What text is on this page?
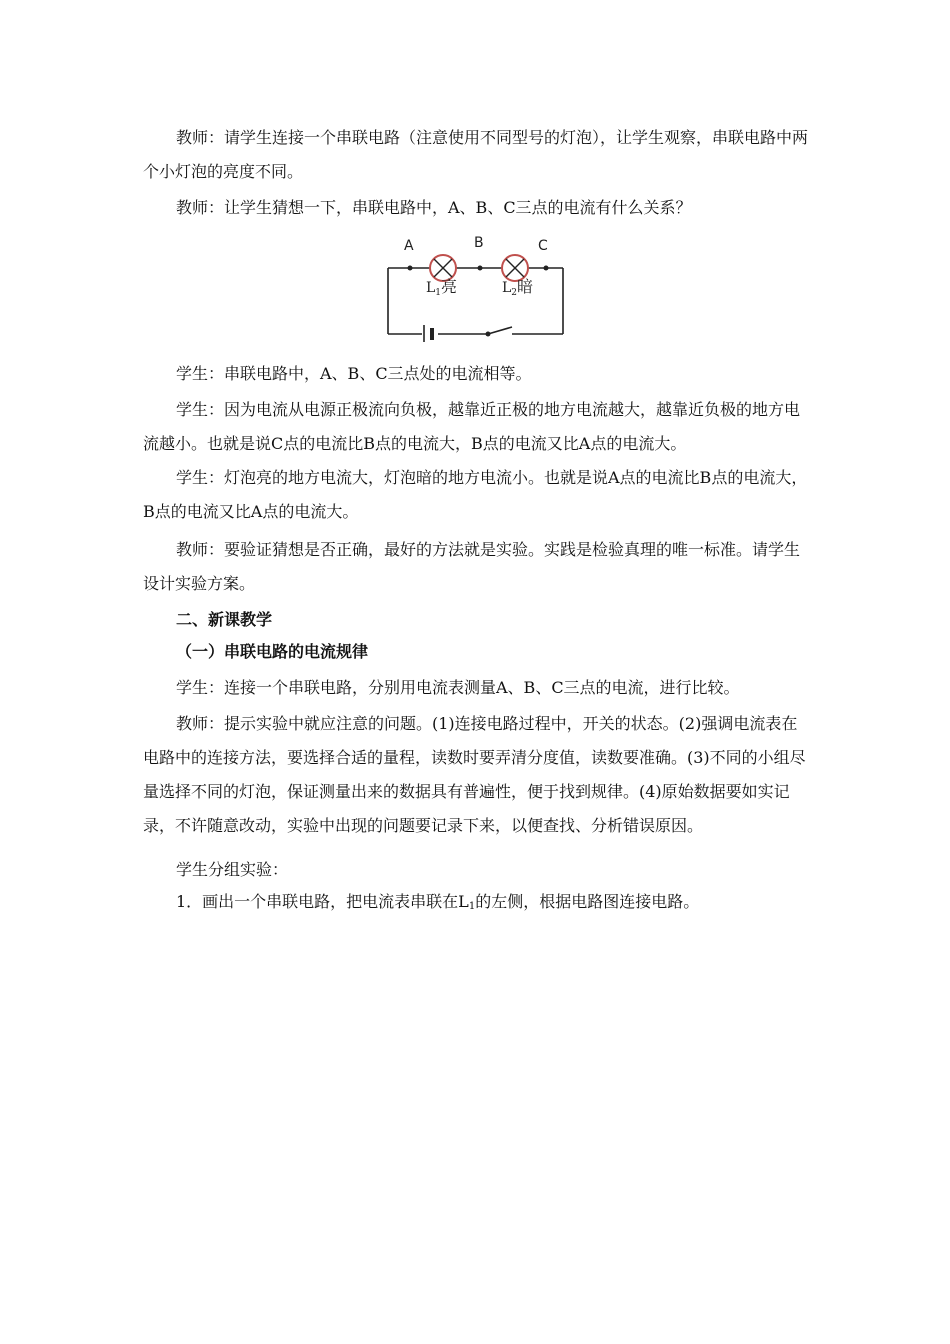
教师：请学生连接一个串联电路（注意使用不同型号的灯泡），让学生观察，串联电路中两个小灯泡的亮度不同。

教师：让学生猜想一下，串联电路中，A、B、C三点的电流有什么关系？

A	B	C
$L_1$亮	$L_2$暗

学生：串联电路中，A、B、C三点处的电流相等。

学生：因为电流从电源正极流向负极，越靠近正极的地方电流越大，越靠近负极的地方电流越小。也就是说C点的电流比B点的电流大，B点的电流又比A点的电流大。

学生：灯泡亮的地方电流大，灯泡暗的地方电流小。也就是说A点的电流比B点的电流大，B点的电流又比A点的电流大。

教师：要验证猜想是否正确，最好的方法就是实验。实践是检验真理的唯一标准。请学生设计实验方案。

二、新课教学
（一）串联电路的电流规律

学生：连接一个串联电路，分别用电流表测量A、B、C三点的电流，进行比较。

教师：提示实验中就应注意的问题。(1)连接电路过程中，开关的状态。(2)强调电流表在电路中的连接方法，要选择合适的量程，读数时要弄清分度值，读数要准确。(3)不同的小组尽量选择不同的灯泡，保证测量出来的数据具有普遍性，便于找到规律。(4)原始数据要如实记录，不许随意改动，实验中出现的问题要记录下来，以便查找、分析错误原因。

学生分组实验：

1．画出一个串联电路，把电流表串联在$L_1$的左侧，根据电路图连接电路。
